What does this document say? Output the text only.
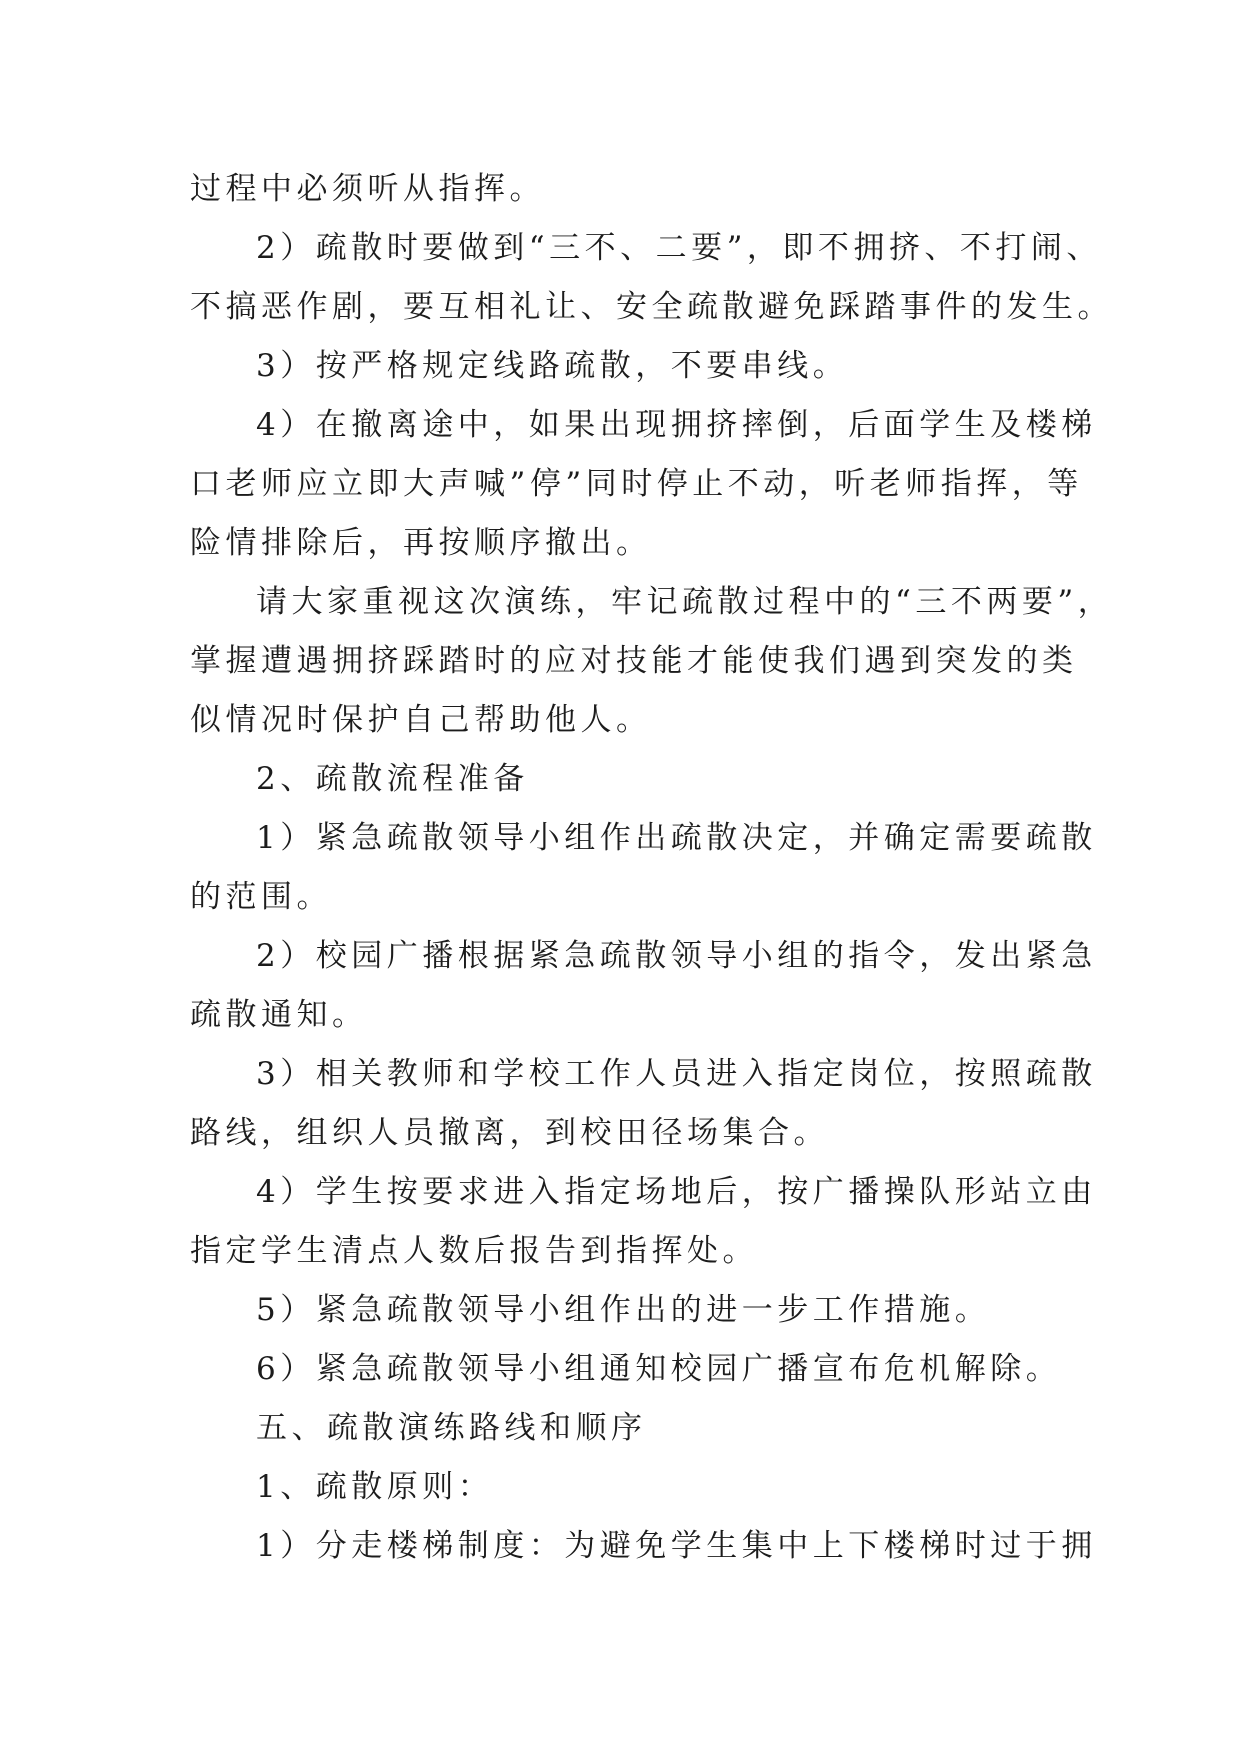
过程中必须听从指挥。
2）疏散时要做到“三不、二要”，即不拥挤、不打闹、
不搞恶作剧，要互相礼让、安全疏散避免踩踏事件的发生。
3）按严格规定线路疏散，不要串线。
4）在撤离途中，如果出现拥挤摔倒，后面学生及楼梯
口老师应立即大声喊”停”同时停止不动，听老师指挥，等
险情排除后，再按顺序撤出。
请大家重视这次演练，牢记疏散过程中的“三不两要”，
掌握遭遇拥挤踩踏时的应对技能才能使我们遇到突发的类
似情况时保护自己帮助他人。
2、疏散流程准备
1）紧急疏散领导小组作出疏散决定，并确定需要疏散
的范围。
2）校园广播根据紧急疏散领导小组的指令，发出紧急
疏散通知。
3）相关教师和学校工作人员进入指定岗位，按照疏散
路线，组织人员撤离，到校田径场集合。
4）学生按要求进入指定场地后，按广播操队形站立由
指定学生清点人数后报告到指挥处。
5）紧急疏散领导小组作出的进一步工作措施。
6）紧急疏散领导小组通知校园广播宣布危机解除。
五、疏散演练路线和顺序
1、疏散原则：
1）分走楼梯制度：为避免学生集中上下楼梯时过于拥
